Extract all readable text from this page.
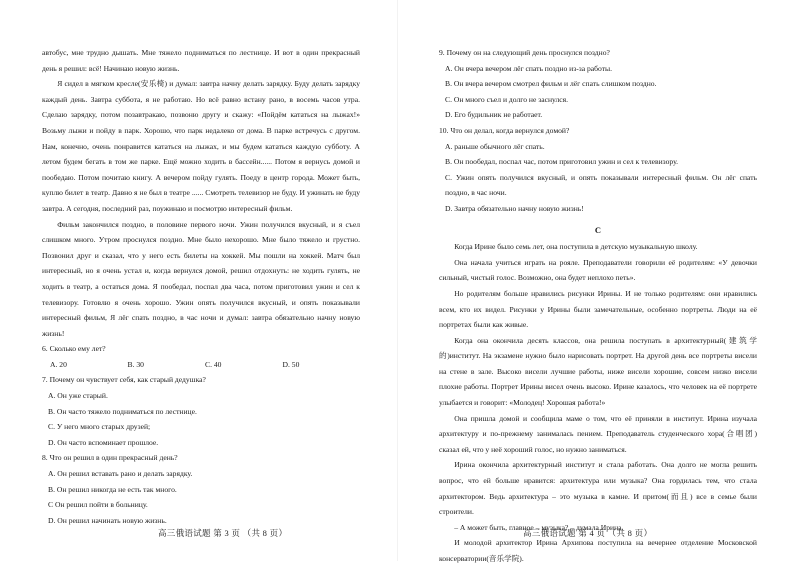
автобус, мне трудно дышать. Мне тяжело подниматься по лестнице. И вот в один прекрасный день я решил: всё! Начинаю новую жизнь.

Я сидел в мягком кресле(安乐椅) и думал: завтра начну делать зарядку. Буду делать зарядку каждый день. Завтра суббота, я не работаю. Но всё равно встану рано, в восемь часов утра. Сделаю зарядку, потом позавтракаю, позвоню другу и скажу: «Пойдём кататься на лыжах!» Возьму лыжи и пойду в парк. Хорошо, что парк недалеко от дома. В парке встречусь с другом. Нам, конечно, очень понравится кататься на лыжах, и мы будем кататься каждую субботу. А летом будем бегать в том же парке. Ещё можно ходить в бассейн...... Потом я вернусь домой и пообедаю. Потом почитаю книгу. А вечером пойду гулять. Поеду в центр города. Может быть, куплю билет в театр. Давно я не был в театре ...... Смотреть телевизор не буду. И ужинать не буду завтра. А сегодня, последний раз, поужинаю и посмотрю интересный фильм.

Фильм закончился поздно, в половине первого ночи. Ужин получился вкусный, и я съел слишком много. Утром проснулся поздно. Мне было нехорошо. Мне было тяжело и грустно. Позвонил друг и сказал, что у него есть билеты на хоккей. Мы пошли на хоккей. Матч был интересный, но я очень устал и, когда вернулся домой, решил отдохнуть: не ходить гулять, не ходить в театр, а остаться дома. Я пообедал, поспал два часа, потом приготовил ужин и сел к телевизору. Готовлю я очень хорошо. Ужин опять получился вкусный, и опять показывали интересный фильм, Я лёг спать поздно, в час ночи и думал: завтра обязательно начну новую жизнь!

6. Сколько ему лет?

A. 20	B. 30	C. 40	D. 50

7. Почему он чувствует себя, как старый дедушка?

A. Он уже старый.

B. Он часто тяжело подниматься по лестнице.

C. У него много старых друзей;

D. Он часто вспоминает прошлое.

8. Что он решил в один прекрасный день?

A. Он решил вставать рано и делать зарядку.

B. Он решил никогда не есть так много.

C Он решил пойти в больницу.

D. Он решил начинать новую жизнь.

高三俄语试题 第 3 页 （共 8 页）

9. Почему он на следующий день проснулся поздно?

A. Он вчера вечером лёг спать поздно из-за работы.

B. Он вчера вечером смотрел фильм и лёг спать слишком поздно.

C. Он много съел и долго не заснулся.

D. Его будильник не работает.

10. Что он делал, когда вернулся домой?

A. раньше обычного лёг спать.

B. Он пообедал, поспал час, потом приготовил ужин и сел к телевизору.

C. Ужин опять получился вкусный, и опять показывали интересный фильм. Он лёг спать поздно, в час ночи.

D. Завтра обязательно начну новую жизнь!

C

Когда Ирине было семь лет, она поступила в детскую музыкальную школу.

Она начала учиться играть на рояле. Преподаватели говорили её родителям: «У девочки сильный, чистый голос. Возможно, она будет неплохо петь».

Но родителям больше нравились рисунки Ирины. И не только родителям: они нравились всем, кто их видел. Рисунки у Ирины были замечательные, особенно портреты. Люди на её портретах были как живые.

Когда она окончила десять классов, она решила поступать в архитектурный(建筑学的)институт. На экзамене нужно было нарисовать портрет. На другой день все портреты висели на стене в зале. Высоко висели лучшие работы, ниже висели хорошие, совсем низко висели плохие работы. Портрет Ирины висел очень высоко. Ирине казалось, что человек на её портрете улыбается и говорит: «Молодец! Хорошая работа!»

Она пришла домой и сообщила маме о том, что её приняли в институт. Ирина изучала архитектуру и по-прежнему занималась пением. Преподаватель студенческого хора(合唱团) сказал ей, что у неё хороший голос, но нужно заниматься.

Ирина окончила архитектурный институт и стала работать. Она долго не могла решить вопрос, что ей больше нравится: архитектура или музыка? Она гордилась тем, что стала архитектором. Ведь архитектура – это музыка в камне. И притом(而且) все в семье были строители.

– А может быть, главное – музыка? – думала Ирина.

И молодой архитектор Ирина Архипова поступила на вечернее отделение Московской консерватории(音乐学院).

高三俄语试题 第 4 页 （共 8 页）
